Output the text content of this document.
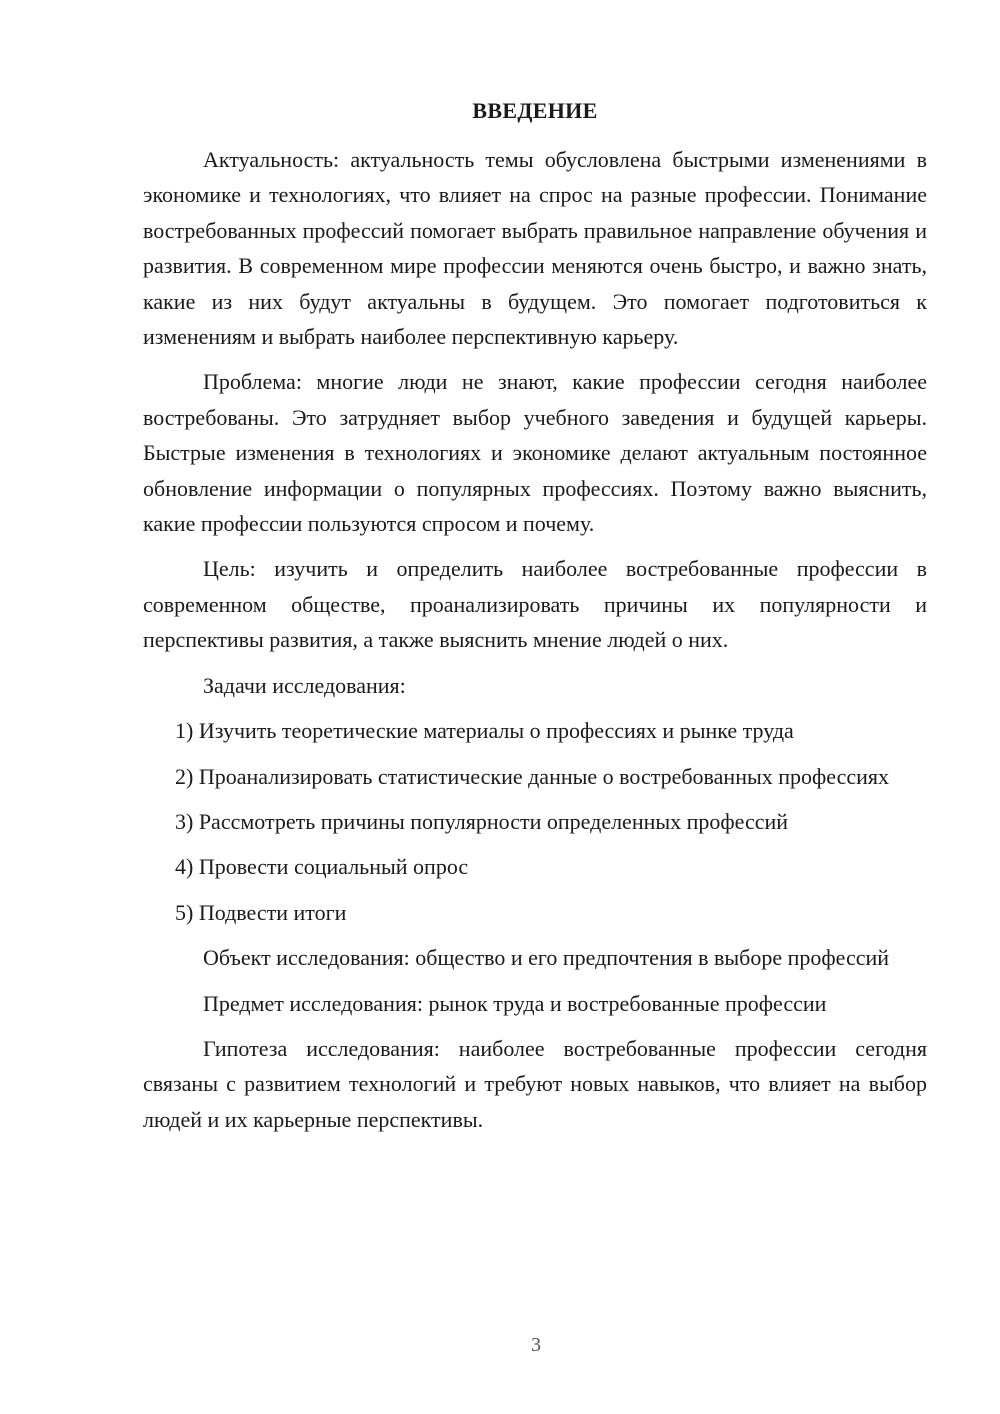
ВВЕДЕНИЕ

Актуальность: актуальность темы обусловлена быстрыми изменениями в экономике и технологиях, что влияет на спрос на разные профессии. Понимание востребованных профессий помогает выбрать правильное направление обучения и развития. В современном мире профессии меняются очень быстро, и важно знать, какие из них будут актуальны в будущем. Это помогает подготовиться к изменениям и выбрать наиболее перспективную карьеру.

Проблема: многие люди не знают, какие профессии сегодня наиболее востребованы. Это затрудняет выбор учебного заведения и будущей карьеры. Быстрые изменения в технологиях и экономике делают актуальным постоянное обновление информации о популярных профессиях. Поэтому важно выяснить, какие профессии пользуются спросом и почему.

Цель: изучить и определить наиболее востребованные профессии в современном обществе, проанализировать причины их популярности и перспективы развития, а также выяснить мнение людей о них.

Задачи исследования:

1) Изучить теоретические материалы о профессиях и рынке труда

2) Проанализировать статистические данные о востребованных профессиях

3) Рассмотреть причины популярности определенных профессий

4) Провести социальный опрос

5) Подвести итоги

Объект исследования: общество и его предпочтения в выборе профессий

Предмет исследования: рынок труда и востребованные профессии

Гипотеза исследования: наиболее востребованные профессии сегодня связаны с развитием технологий и требуют новых навыков, что влияет на выбор людей и их карьерные перспективы.

3
